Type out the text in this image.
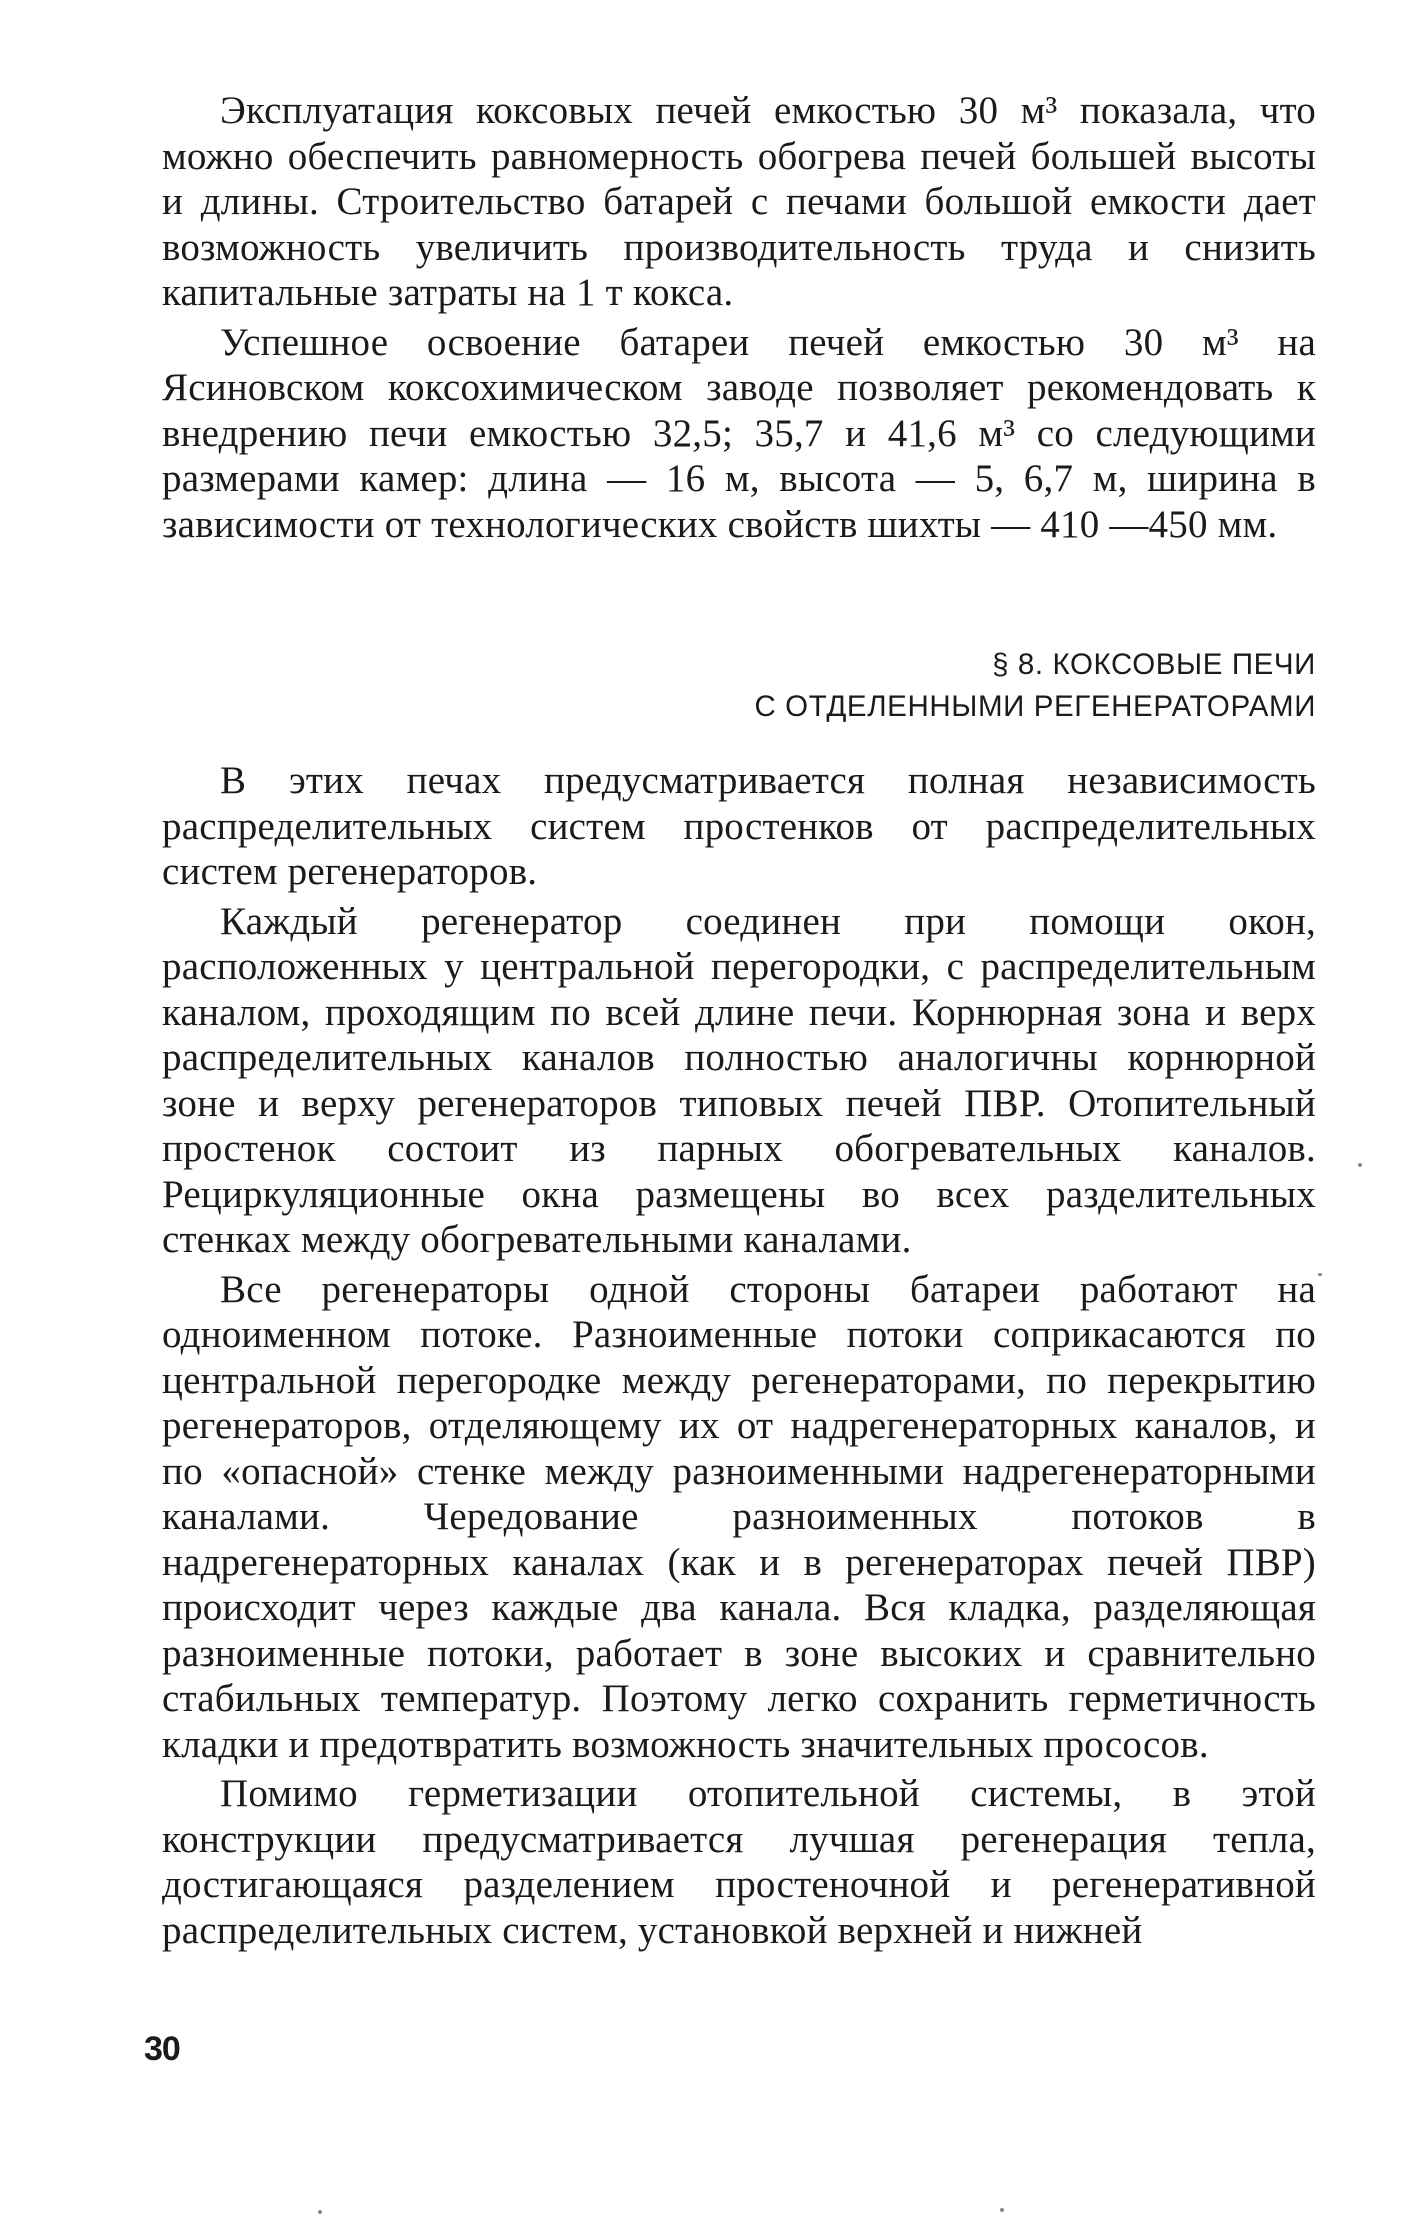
Эксплуатация коксовых печей емкостью 30 м³ показала, что можно обеспечить равномерность обогрева печей большей высоты и длины. Строительство батарей с печами большой емкости дает возможность увеличить производительность труда и снизить капитальные затраты на 1 т кокса.

Успешное освоение батареи печей емкостью 30 м³ на Ясиновском коксохимическом заводе позволяет рекомендовать к внедрению печи емкостью 32,5; 35,7 и 41,6 м³ со следующими размерами камер: длина — 16 м, высота — 5, 6,7 м, ширина в зависимости от технологических свойств шихты — 410 —450 мм.

§ 8. КОКСОВЫЕ ПЕЧИ
С ОТДЕЛЕННЫМИ РЕГЕНЕРАТОРАМИ

В этих печах предусматривается полная независимость распределительных систем простенков от распределительных систем регенераторов.

Каждый регенератор соединен при помощи окон, расположенных у центральной перегородки, с распределительным каналом, проходящим по всей длине печи. Корнюрная зона и верх распределительных каналов полностью аналогичны корнюрной зоне и верху регенераторов типовых печей ПВР. Отопительный простенок состоит из парных обогревательных каналов. Рециркуляционные окна размещены во всех разделительных стенках между обогревательными каналами.

Все регенераторы одной стороны батареи работают на одноименном потоке. Разноименные потоки соприкасаются по центральной перегородке между регенераторами, по перекрытию регенераторов, отделяющему их от надрегенераторных каналов, и по «опасной» стенке между разноименными надрегенераторными каналами. Чередование разноименных потоков в надрегенераторных каналах (как и в регенераторах печей ПВР) происходит через каждые два канала. Вся кладка, разделяющая разноименные потоки, работает в зоне высоких и сравнительно стабильных температур. Поэтому легко сохранить герметичность кладки и предотвратить возможность значительных прососов.

Помимо герметизации отопительной системы, в этой конструкции предусматривается лучшая регенерация тепла, достигающаяся разделением простеночной и регенеративной распределительных систем, установкой верхней и нижней

30
